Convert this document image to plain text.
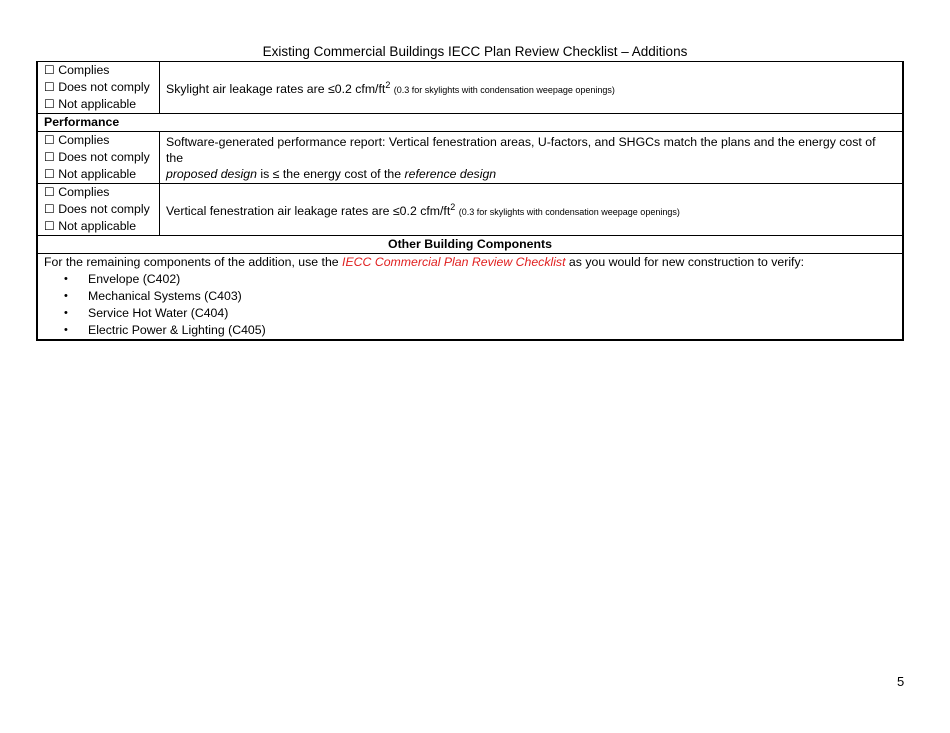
Existing Commercial Buildings IECC Plan Review Checklist – Additions
☐ Complies
☐ Does not comply
☐ Not applicable
Skylight air leakage rates are ≤0.2 cfm/$ft^2$ (0.3 for skylights with condensation weepage openings)
Performance
☐ Complies
☐ Does not comply
☐ Not applicable
Software-generated performance report: Vertical fenestration areas, U-factors, and SHGCs match the plans and the energy cost of the
proposed design is ≤ the energy cost of the reference design
☐ Complies
☐ Does not comply
☐ Not applicable
Vertical fenestration air leakage rates are ≤0.2 cfm/$ft^2$ (0.3 for skylights with condensation weepage openings)
Other Building Components
For the remaining components of the addition, use the IECC Commercial Plan Review Checklist as you would for new construction to verify:
• Envelope (C402)
• Mechanical Systems (C403)
• Service Hot Water (C404)
• Electric Power & Lighting (C405)
5
